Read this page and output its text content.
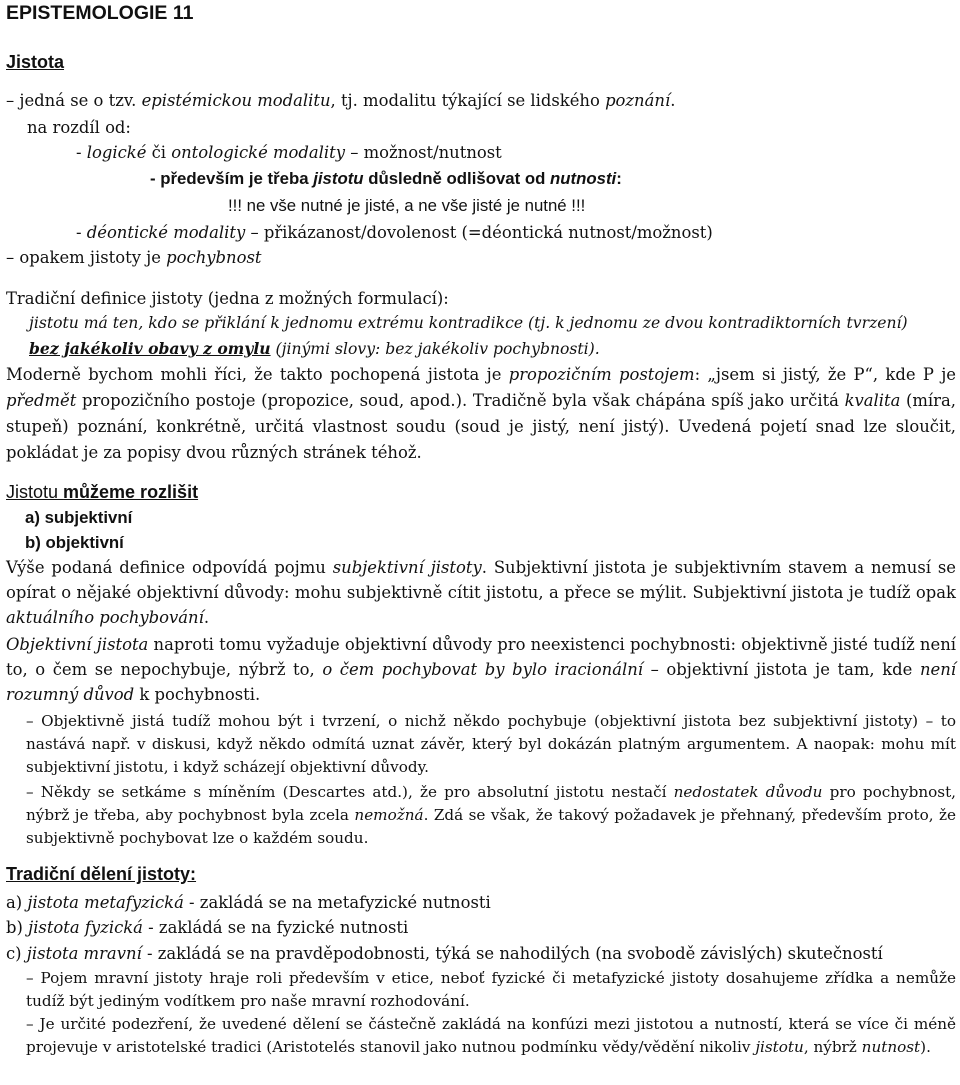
EPISTEMOLOGIE 11
Jistota
– jedná se o tzv. epistémickou modalitu, tj. modalitu týkající se lidského poznání.
na rozdíl od:
- logické či ontologické modality – možnost/nutnost
- především je třeba jistotu důsledně odlišovat od nutnosti:
!!! ne vše nutné je jisté, a ne vše jisté je nutné !!!
- déontické modality – přikázanost/dovolenost (=déontická nutnost/možnost)
– opakem jistoty je pochybnost
Tradiční definice jistoty (jedna z možných formulací):
jistotu má ten, kdo se přiklání k jednomu extrému kontradikce (tj. k jednomu ze dvou kontradiktorních tvrzení)
bez jakékoliv obavy z omylu (jinými slovy: bez jakékoliv pochybnosti).
Moderně bychom mohli říci, že takto pochopená jistota je propozičním postojem: „jsem si jistý, že P“, kde P je předmět propozičního postoje (propozice, soud, apod.). Tradičně byla však chápána spíš jako určitá kvalita (míra, stupeň) poznání, konkrétně, určitá vlastnost soudu (soud je jistý, není jistý). Uvedená pojetí snad lze sloučit, pokládat je za popisy dvou různých stránek téhož.
Jistotu můžeme rozlišit
a) subjektivní
b) objektivní
Výše podaná definice odpovídá pojmu subjektivní jistoty. Subjektivní jistota je subjektivním stavem a nemusí se opírat o nějaké objektivní důvody: mohu subjektivně cítit jistotu, a přece se mýlit. Subjektivní jistota je tudíž opak aktuálního pochybování.
Objektivní jistota naproti tomu vyžaduje objektivní důvody pro neexistenci pochybnosti: objektivně jisté tudíž není to, o čem se nepochybuje, nýbrž to, o čem pochybovat by bylo iracionální – objektivní jistota je tam, kde není rozumný důvod k pochybnosti.
– Objektivně jistá tudíž mohou být i tvrzení, o nichž někdo pochybuje (objektivní jistota bez subjektivní jistoty) – to nastává např. v diskusi, když někdo odmítá uznat závěr, který byl dokázán platným argumentem. A naopak: mohu mít subjektivní jistotu, i když scházejí objektivní důvody.
– Někdy se setkáme s míněním (Descartes atd.), že pro absolutní jistotu nestačí nedostatek důvodu pro pochybnost, nýbrž je třeba, aby pochybnost byla zcela nemožná. Zdá se však, že takový požadavek je přehnaný, především proto, že subjektivně pochybovat lze o každém soudu.
Tradiční dělení jistoty:
a) jistota metafyzická - zakládá se na metafyzické nutnosti
b) jistota fyzická - zakládá se na fyzické nutnosti
c) jistota mravní - zakládá se na pravděpodobnosti, týká se nahodilých (na svobodě závislých) skutečností
– Pojem mravní jistoty hraje roli především v etice, neboť fyzické či metafyzické jistoty dosahujeme zřídka a nemůže tudíž být jediným vodítkem pro naše mravní rozhodování.
– Je určité podezření, že uvedené dělení se částečně zakládá na konfúzi mezi jistotou a nutností, která se více či méně projevuje v aristotelské tradici (Aristotelés stanovil jako nutnou podmínku vědy/vědění nikoliv jistotu, nýbrž nutnost).
